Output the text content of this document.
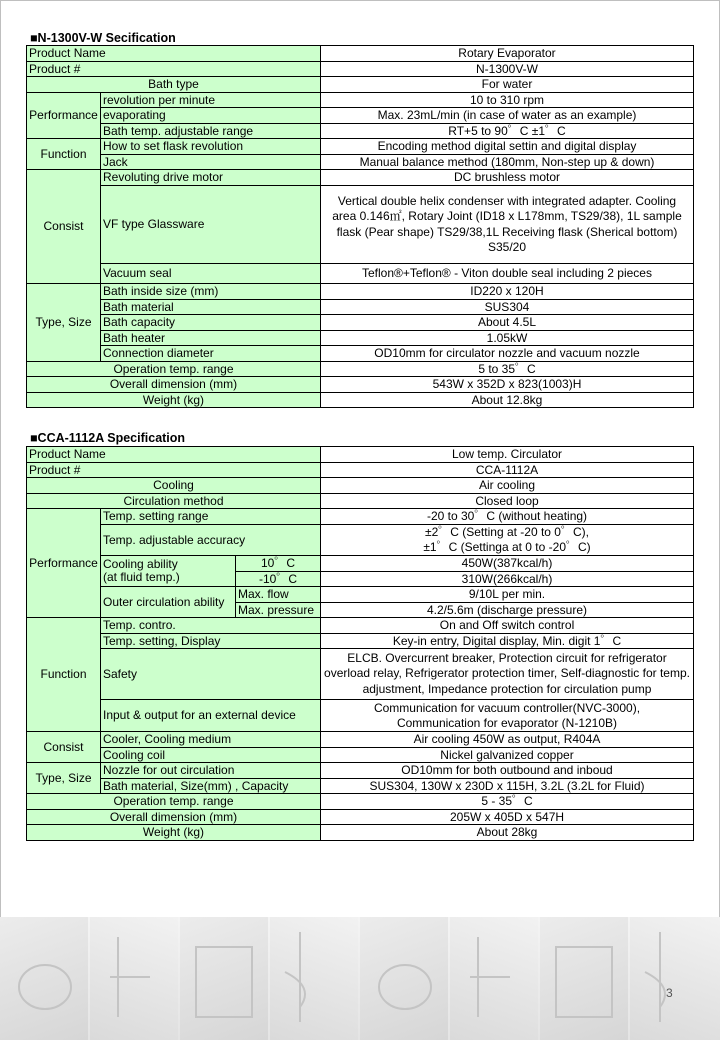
■N-1300V-W Secification
Product Name		Rotary Evaporator
Product #		N-1300V-W
Bath type		For water
Performance	revolution per minute	10 to 310 rpm
	evaporating	Max. 23mL/min (in case of water as an example)
	Bath temp. adjustable range	RT+5 to 90゜C ±1゜C
Function	How to set flask revolution	Encoding method digital settin and digital display
	Jack	Manual balance method (180mm, Non-step up & down)
Consist	Revoluting drive motor	DC brushless motor
	VF type Glassware	Vertical double helix condenser with integrated adapter. Cooling area 0.146㎡, Rotary Joint (ID18 x L178mm, TS29/38), 1L sample flask (Pear shape) TS29/38,1L Receiving flask (Sherical bottom) S35/20
	Vacuum seal	Teflon®+Teflon® - Viton double seal including 2 pieces
Type, Size	Bath inside size (mm)	ID220 x 120H
	Bath material	SUS304
	Bath capacity	About 4.5L
	Bath heater	1.05kW
	Connection diameter	OD10mm for circulator nozzle and vacuum nozzle
Operation temp. range		5 to 35゜C
Overall dimension (mm)		543W x 352D x 823(1003)H
Weight (kg)		About 12.8kg
■CCA-1112A Specification
Product Name			Low temp. Circulator
Product #			CCA-1112A
Cooling			Air cooling
Circulation method			Closed loop
Performance	Temp. setting range		-20 to 30゜C (without heating)
	Temp. adjustable accuracy		±2゜C (Setting at -20 to 0゜C),
±1゜C (Settinga at 0 to -20゜C)

	Cooling ability
(at fluid temp.)	10゜C	450W(387kcal/h)
		-10゜C	310W(266kcal/h)
	Outer circulation ability	Max. flow	9/10L per min.
		Max. pressure	4.2/5.6m (discharge pressure)
Function	Temp. contro.		On and Off switch control
	Temp. setting, Display		Key-in entry, Digital display, Min. digit 1゜C
	Safety		ELCB. Overcurrent breaker, Protection circuit for refrigerator overload relay, Refrigerator protection timer, Self-diagnostic for temp. adjustment, Impedance protection for circulation pump
	Input & output for an external device		Communication for vacuum controller(NVC-3000),
Communication for evaporator (N-1210B)

Consist	Cooler, Cooling medium		Air cooling 450W as output, R404A
	Cooling coil		Nickel galvanized copper
Type, Size	Nozzle for out circulation		OD10mm for both outbound and inboud
	Bath material, Size(mm) , Capacity		SUS304, 130W x 230D x 115H, 3.2L (3.2L for Fluid)
Operation temp. range			5 - 35゜C
Overall dimension (mm)			205W x 405D x 547H
Weight (kg)			About 28kg
3
